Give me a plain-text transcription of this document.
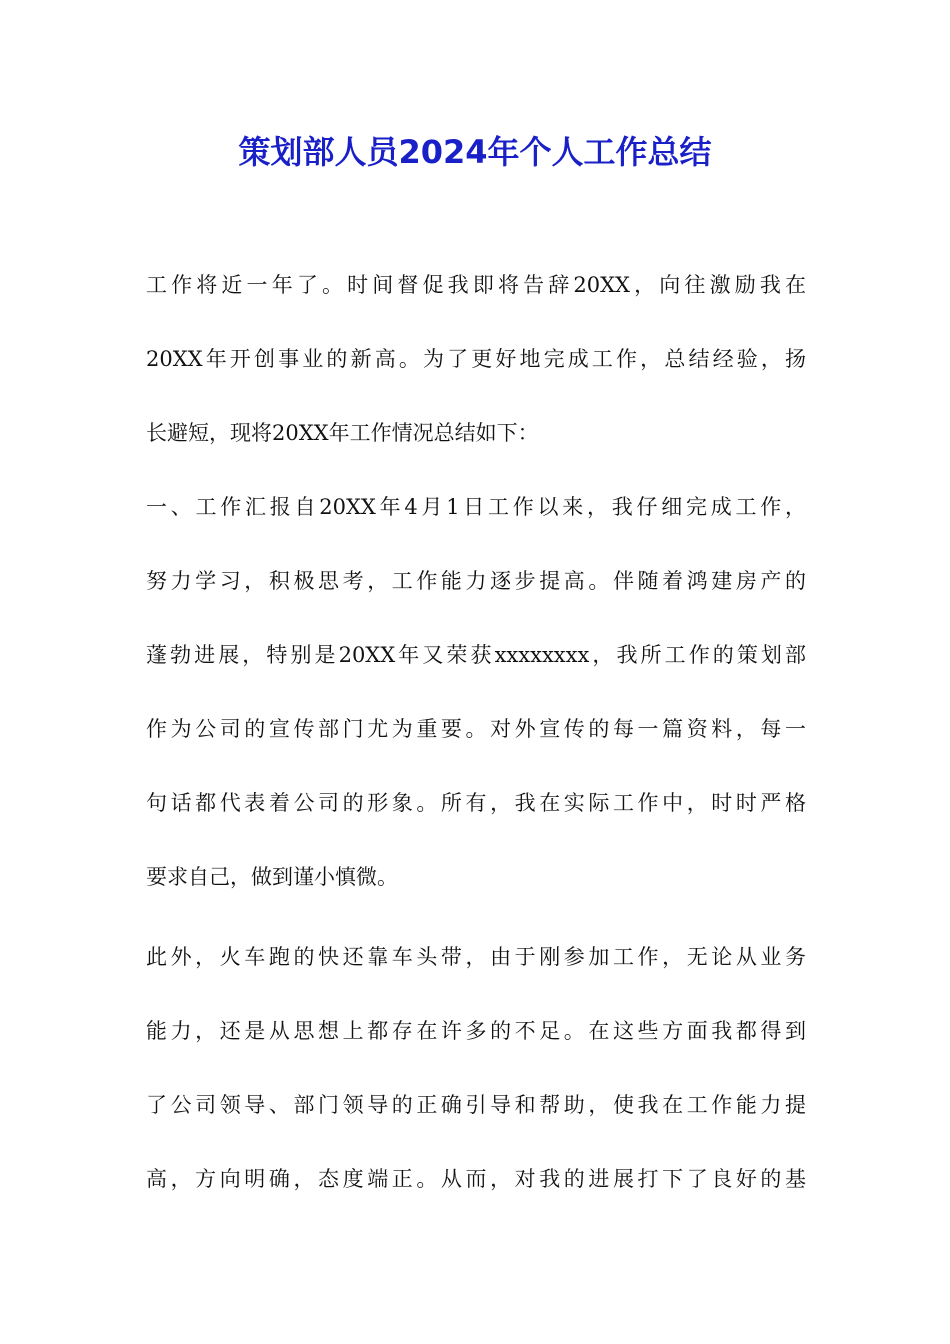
策划部人员2024年个人工作总结
工作将近一年了。时间督促我即将告辞20XX，向往激励我在
20XX年开创事业的新高。为了更好地完成工作，总结经验，扬
长避短，现将20XX年工作情况总结如下：
一、工作汇报自20XX年4月1日工作以来，我仔细完成工作，
努力学习，积极思考，工作能力逐步提高。伴随着鸿建房产的
蓬勃进展，特别是20XX年又荣获xxxxxxxx，我所工作的策划部
作为公司的宣传部门尤为重要。对外宣传的每一篇资料，每一
句话都代表着公司的形象。所有，我在实际工作中，时时严格
要求自己，做到谨小慎微。
此外，火车跑的快还靠车头带，由于刚参加工作，无论从业务
能力，还是从思想上都存在许多的不足。在这些方面我都得到
了公司领导、部门领导的正确引导和帮助，使我在工作能力提
高，方向明确，态度端正。从而，对我的进展打下了良好的基
